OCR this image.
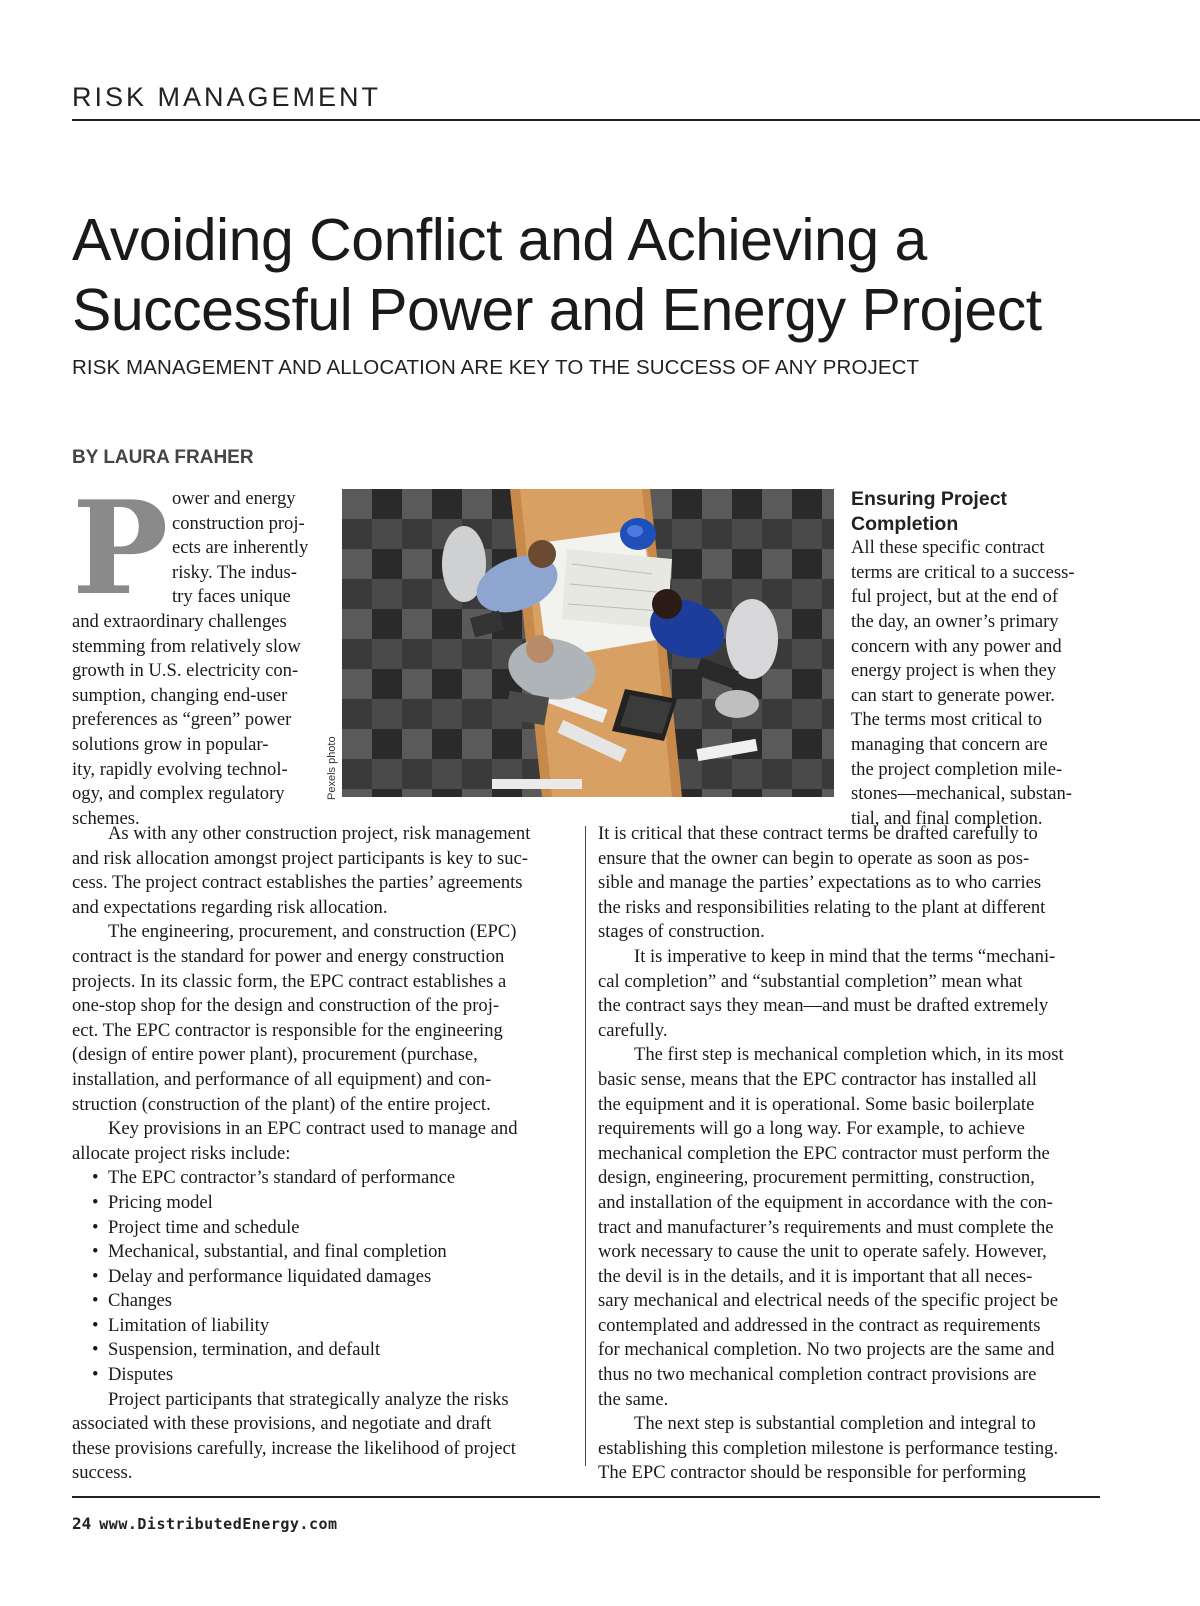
RISK MANAGEMENT
Avoiding Conflict and Achieving a
Successful Power and Energy Project
RISK MANAGEMENT AND ALLOCATION ARE KEY TO THE SUCCESS OF ANY PROJECT
BY LAURA FRAHER
P ower and energy
construction proj-
ects are inherently
risky. The indus-
try faces unique
and extraordinary challenges
stemming from relatively slow
growth in U.S. electricity con-
sumption, changing end-user
preferences as “green” power
solutions grow in popular-
ity, rapidly evolving technol-
ogy, and complex regulatory
schemes.
Pexels photo
As with any other construction project, risk management
and risk allocation amongst project participants is key to suc-
cess. The project contract establishes the parties’ agreements
and expectations regarding risk allocation.
The engineering, procurement, and construction (EPC)
contract is the standard for power and energy construction
projects. In its classic form, the EPC contract establishes a
one-stop shop for the design and construction of the proj-
ect. The EPC contractor is responsible for the engineering
(design of entire power plant), procurement (purchase,
installation, and performance of all equipment) and con-
struction (construction of the plant) of the entire project.
Key provisions in an EPC contract used to manage and
allocate project risks include:
• The EPC contractor’s standard of performance
• Pricing model
• Project time and schedule
• Mechanical, substantial, and final completion
• Delay and performance liquidated damages
• Changes
• Limitation of liability
• Suspension, termination, and default
• Disputes
Project participants that strategically analyze the risks
associated with these provisions, and negotiate and draft
these provisions carefully, increase the likelihood of project
success.
Ensuring Project
Completion
All these specific contract
terms are critical to a success-
ful project, but at the end of
the day, an owner’s primary
concern with any power and
energy project is when they
can start to generate power.
The terms most critical to
managing that concern are
the project completion mile-
stones—mechanical, substan-
tial, and final completion.
It is critical that these contract terms be drafted carefully to
ensure that the owner can begin to operate as soon as pos-
sible and manage the parties’ expectations as to who carries
the risks and responsibilities relating to the plant at different
stages of construction.
It is imperative to keep in mind that the terms “mechani-
cal completion” and “substantial completion” mean what
the contract says they mean—and must be drafted extremely
carefully.
The first step is mechanical completion which, in its most
basic sense, means that the EPC contractor has installed all
the equipment and it is operational. Some basic boilerplate
requirements will go a long way. For example, to achieve
mechanical completion the EPC contractor must perform the
design, engineering, procurement permitting, construction,
and installation of the equipment in accordance with the con-
tract and manufacturer’s requirements and must complete the
work necessary to cause the unit to operate safely. However,
the devil is in the details, and it is important that all neces-
sary mechanical and electrical needs of the specific project be
contemplated and addressed in the contract as requirements
for mechanical completion. No two projects are the same and
thus no two mechanical completion contract provisions are
the same.
The next step is substantial completion and integral to
establishing this completion milestone is performance testing.
The EPC contractor should be responsible for performing
24 www.DistributedEnergy.com
